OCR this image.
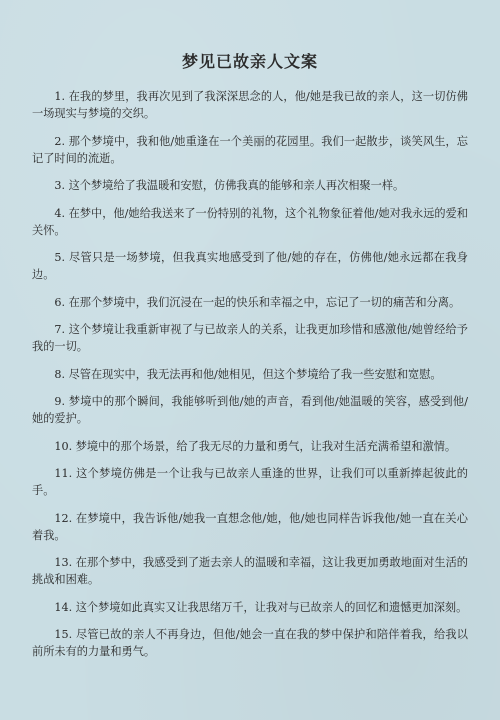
梦见已故亲人文案
1. 在我的梦里，我再次见到了我深深思念的人，他/她是我已故的亲人，这一切仿佛一场现实与梦境的交织。
2. 那个梦境中，我和他/她重逢在一个美丽的花园里。我们一起散步，谈笑风生，忘记了时间的流逝。
3. 这个梦境给了我温暖和安慰，仿佛我真的能够和亲人再次相聚一样。
4. 在梦中，他/她给我送来了一份特别的礼物，这个礼物象征着他/她对我永远的爱和关怀。
5. 尽管只是一场梦境，但我真实地感受到了他/她的存在，仿佛他/她永远都在我身边。
6. 在那个梦境中，我们沉浸在一起的快乐和幸福之中，忘记了一切的痛苦和分离。
7. 这个梦境让我重新审视了与已故亲人的关系，让我更加珍惜和感激他/她曾经给予我的一切。
8. 尽管在现实中，我无法再和他/她相见，但这个梦境给了我一些安慰和宽慰。
9. 梦境中的那个瞬间，我能够听到他/她的声音，看到他/她温暖的笑容，感受到他/她的爱护。
10. 梦境中的那个场景，给了我无尽的力量和勇气，让我对生活充满希望和激情。
11. 这个梦境仿佛是一个让我与已故亲人重逢的世界，让我们可以重新捧起彼此的手。
12. 在梦境中，我告诉他/她我一直想念他/她，他/她也同样告诉我他/她一直在关心着我。
13. 在那个梦中，我感受到了逝去亲人的温暖和幸福，这让我更加勇敢地面对生活的挑战和困难。
14. 这个梦境如此真实又让我思绪万千，让我对与已故亲人的回忆和遗憾更加深刻。
15. 尽管已故的亲人不再身边，但他/她会一直在我的梦中保护和陪伴着我，给我以前所未有的力量和勇气。
